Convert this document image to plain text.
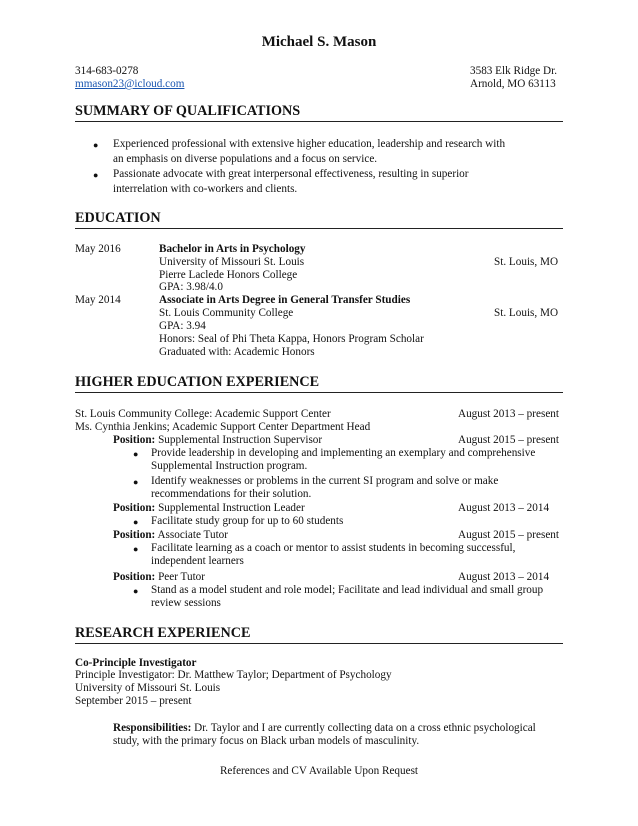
Michael S. Mason
314-683-0278
mmason23@icloud.com
3583 Elk Ridge Dr.
Arnold, MO 63113
SUMMARY OF QUALIFICATIONS
● Experienced professional with extensive higher education, leadership and research with
an emphasis on diverse populations and a focus on service.
● Passionate advocate with great interpersonal effectiveness, resulting in superior
interrelation with co-workers and clients.
EDUCATION
May 2016	Bachelor in Arts in Psychology
University of Missouri St. Louis	St. Louis, MO
Pierre Laclede Honors College
GPA: 3.98/4.0
May 2014	Associate in Arts Degree in General Transfer Studies
St. Louis Community College	St. Louis, MO
GPA: 3.94
Honors: Seal of Phi Theta Kappa, Honors Program Scholar
Graduated with: Academic Honors
HIGHER EDUCATION EXPERIENCE
St. Louis Community College: Academic Support Center	August 2013 – present
Ms. Cynthia Jenkins; Academic Support Center Department Head
Position: Supplemental Instruction Supervisor	August 2015 – present
● Provide leadership in developing and implementing an exemplary and comprehensive
Supplemental Instruction program.
● Identify weaknesses or problems in the current SI program and solve or make
recommendations for their solution.
Position: Supplemental Instruction Leader	August 2013 – 2014
● Facilitate study group for up to 60 students
Position: Associate Tutor	August 2015 – present
● Facilitate learning as a coach or mentor to assist students in becoming successful,
independent learners
Position: Peer Tutor	August 2013 – 2014
● Stand as a model student and role model; Facilitate and lead individual and small group
review sessions
RESEARCH EXPERIENCE
Co-Principle Investigator
Principle Investigator: Dr. Matthew Taylor; Department of Psychology
University of Missouri St. Louis
September 2015 – present
Responsibilities: Dr. Taylor and I are currently collecting data on a cross ethnic psychological
study, with the primary focus on Black urban models of masculinity.
References and CV Available Upon Request
